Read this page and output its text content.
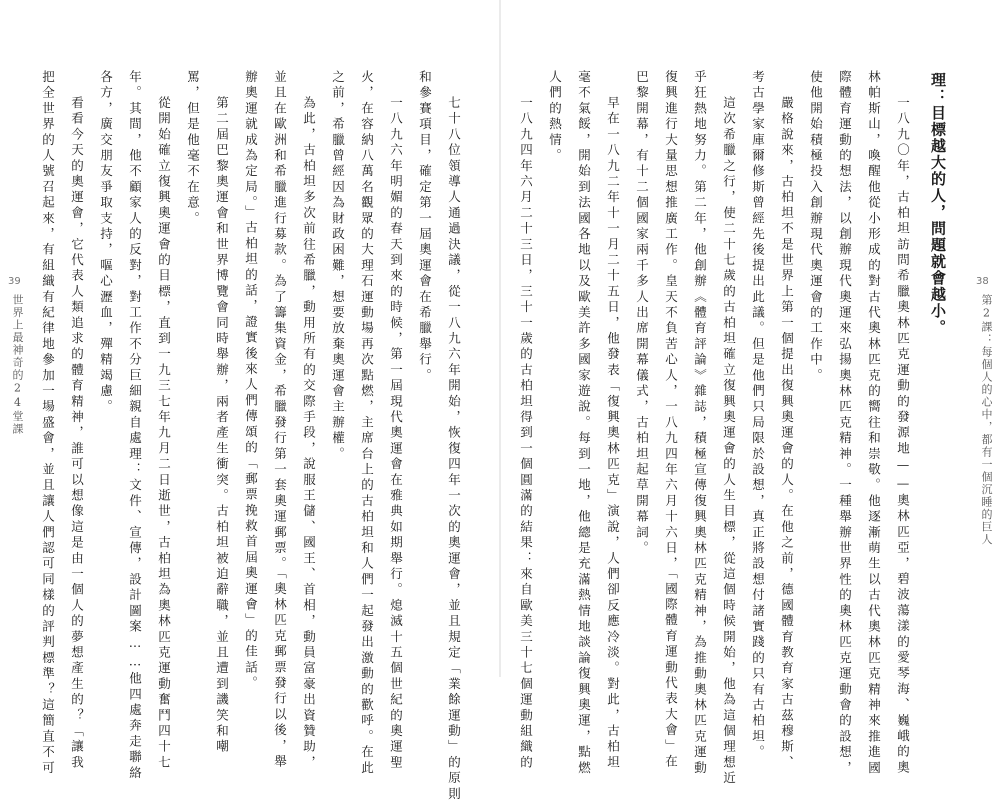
七十八位領導人通過決議，從一八九六年開始，恢復四年一次的奧運會，並且規定「業餘運動」的原則
和參賽項目，確定第一屆奧運會在希臘舉行。
一八九六年明媚的春天到來的時候，第一屆現代奧運會在雅典如期舉行。熄滅十五個世紀的奧運聖
火，在容納八萬名觀眾的大理石運動場再次點燃，主席台上的古柏坦和人們一起發出激動的歡呼。在此
之前，希臘曾經因為財政困難，想要放棄奧運會主辦權。
為此，古柏坦多次前往希臘，動用所有的交際手段，說服王儲、國王、首相，動員富豪出資贊助，
並且在歐洲和希臘進行募款。為了籌集資金，希臘發行第一套奧運郵票。「奧林匹克郵票發行以後，舉
辦奧運就成為定局。」古柏坦的話，證實後來人們傳頌的「郵票挽救首屆奧運會」的佳話。
第二屆巴黎奧運會和世界博覽會同時舉辦，兩者產生衝突。古柏坦被迫辭職，並且遭到譏笑和嘲
罵，但是他毫不在意。
從開始確立復興奧運會的目標，直到一九三七年九月二日逝世，古柏坦為奧林匹克運動奮鬥四十七
年。其間，他不顧家人的反對，對工作不分巨細親自處理：文件、宣傳，設計圖案……他四處奔走聯絡
各方，廣交朋友爭取支持，嘔心瀝血，殫精竭慮。
看看今天的奧運會，它代表人類追求的體育精神，誰可以想像這是由一個人的夢想產生的？「讓我
把全世界的人號召起來，有組織有紀律地參加一場盛會，並且讓人們認可同樣的評判標準？這簡直不可
39
世界上最神奇的24堂課
理：目標越大的人，問題就會越小。
一八九〇年，古柏坦訪問希臘奧林匹克運動的發源地——奧林匹亞，碧波蕩漾的愛琴海、巍峨的奧
林帕斯山，喚醒他從小形成的對古代奧林匹克的嚮往和崇敬。他逐漸萌生以古代奧林匹克精神來推進國
際體育運動的想法，以創辦現代奧運來弘揚奧林匹克精神。一種舉辦世界性的奧林匹克運動會的設想，
使他開始積極投入創辦現代奧運會的工作中。
嚴格說來，古柏坦不是世界上第一個提出復興奧運會的人。在他之前，德國體育教育家古茲穆斯、
考古學家庫爾修斯曾經先後提出此議。但是他們只局限於設想，真正將設想付諸實踐的只有古柏坦。
這次希臘之行，使二十七歲的古柏坦確立復興奧運會的人生目標，從這個時候開始，他為這個理想近
乎狂熱地努力。第二年，他創辦《體育評論》雜誌，積極宣傳復興奧林匹克精神，為推動奧林匹克運動
復興進行大量思想推廣工作。皇天不負苦心人，一八九四年六月十六日，「國際體育運動代表大會」在
巴黎開幕，有十二個國家兩千多人出席開幕儀式，古柏坦起草開幕詞。
早在一八九二年十一月二十五日，他發表「復興奧林匹克」演說，人們卻反應冷淡。對此，古柏坦
毫不氣餒，開始到法國各地以及歐美許多國家遊說。每到一地，他總是充滿熱情地談論復興奧運，點燃
人們的熱情。
一八九四年六月二十三日，三十一歲的古柏坦得到一個圓滿的結果：來自歐美三十七個運動組織的	38
第2課：每個人的心中，都有一個沉睡的巨人
